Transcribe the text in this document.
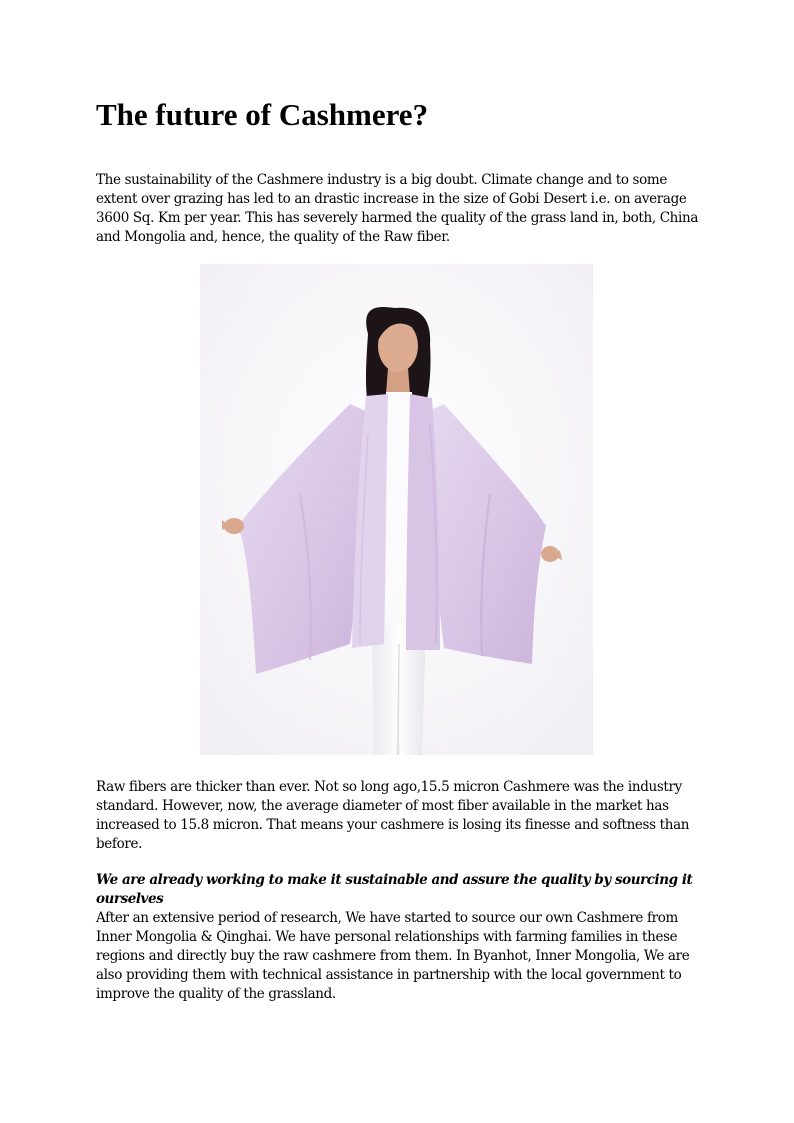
The future of Cashmere?

The sustainability of the Cashmere industry is a big doubt. Climate change and to some extent over grazing has led to an drastic increase in the size of Gobi Desert i.e. on average 3600 Sq. Km per year. This has severely harmed the quality of the grass land in, both, China and Mongolia and, hence, the quality of the Raw fiber.

Raw fibers are thicker than ever. Not so long ago,15.5 micron Cashmere was the industry standard. However, now, the average diameter of most fiber available in the market has increased to 15.8 micron. That means your cashmere is losing its finesse and softness than before.

We are already working to make it sustainable and assure the quality by sourcing it ourselves

After an extensive period of research, We have started to source our own Cashmere from Inner Mongolia & Qinghai. We have personal relationships with farming families in these regions and directly buy the raw cashmere from them. In Byanhot, Inner Mongolia, We are also providing them with technical assistance in partnership with the local government to improve the quality of the grassland.
